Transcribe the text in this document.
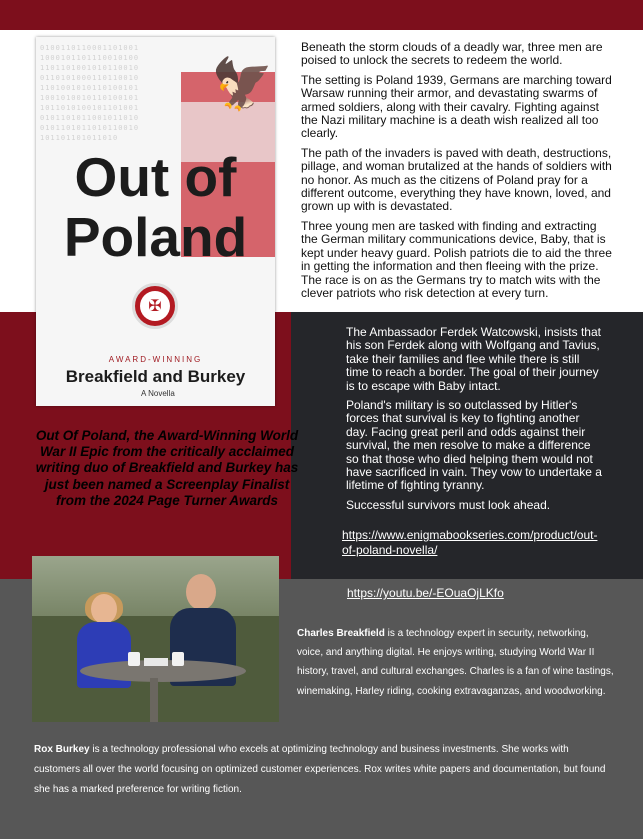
010011011000110100110001011011100101001101101001010110010011010100011011001011010010101101001011001010010110100101101101010010110100101011010110010110100101101011010110010101101101011010
🦅
Out of
Poland
✠
AWARD-WINNING
Breakfield and Burkey
A Novella

Beneath the storm clouds of a deadly war, three men are poised to unlock the secrets to redeem the world.

The setting is Poland 1939, Germans are marching toward Warsaw running their armor, and devastating swarms of armed soldiers, along with their cavalry. Fighting against the Nazi military machine is a death wish realized all too clearly.

The path of the invaders is paved with death, destructions, pillage, and woman brutalized at the hands of soldiers with no honor. As much as the citizens of Poland pray for a different outcome, everything they have known, loved, and grown up with is devastated.

Three young men are tasked with finding and extracting the German military communications device, Baby, that is kept under heavy guard. Polish patriots die to aid the three in getting the information and then fleeing with the prize. The race is on as the Germans try to match wits with the clever patriots who risk detection at every turn.

Out Of Poland, the Award-Winning World War II Epic from the critically acclaimed writing duo of Breakfield and Burkey has just been named a Screenplay Finalist from the 2024 Page Turner Awards

The Ambassador Ferdek Watcowski, insists that his son Ferdek along with Wolfgang and Tavius, take their families and flee while there is still time to reach a border. The goal of their journey is to escape with Baby intact.

Poland's military is so outclassed by Hitler's forces that survival is key to fighting another day. Facing great peril and odds against their survival, the men resolve to make a difference so that those who died helping them would not have sacrificed in vain. They vow to undertake a lifetime of fighting tyranny.

Successful survivors must look ahead.

https://www.enigmabookseries.com/product/out-of-poland-novella/
https://youtu.be/-EOuaOjLKfo
Charles Breakfield is a technology expert in security, networking, voice, and anything digital. He enjoys writing, studying World War II history, travel, and cultural exchanges. Charles is a fan of wine tastings, winemaking, Harley riding, cooking extravaganzas, and woodworking.
Rox Burkey is a technology professional who excels at optimizing technology and business investments. She works with customers all over the world focusing on optimized customer experiences. Rox writes white papers and documentation, but found she has a marked preference for writing fiction.
